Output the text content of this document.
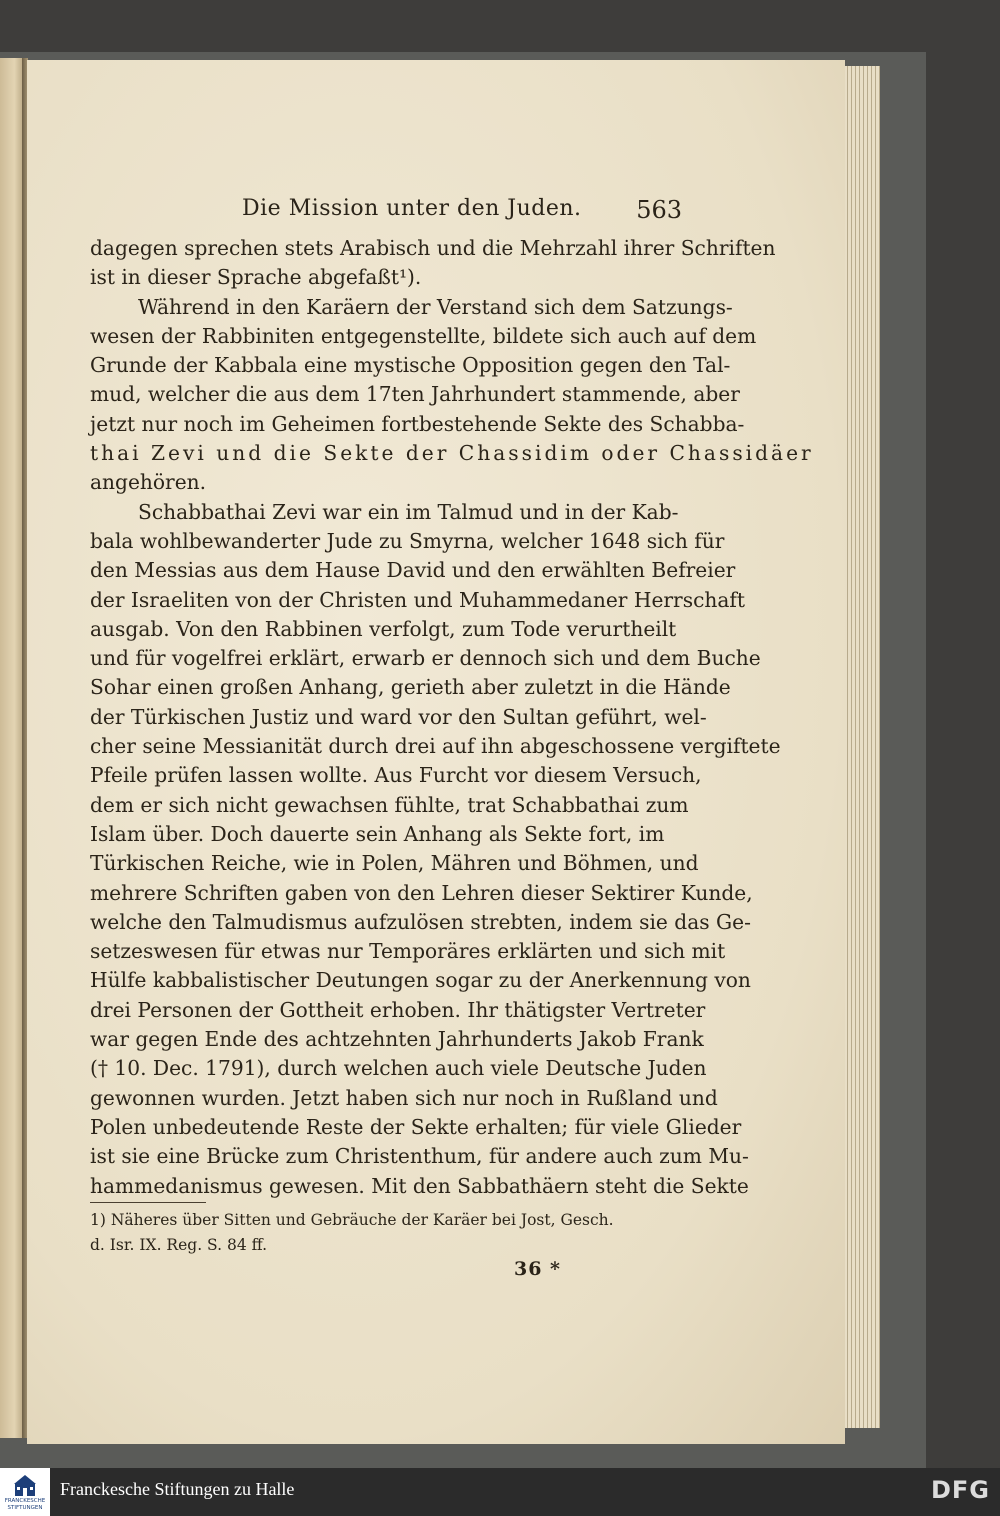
Die Mission unter den Juden. 563
dagegen sprechen stets Arabisch und die Mehrzahl ihrer Schriften
ist in dieser Sprache abgefaßt¹).
Während in den Karäern der Verstand sich dem Satzungs-
wesen der Rabbiniten entgegenstellte, bildete sich auch auf dem
Grunde der Kabbala eine mystische Opposition gegen den Tal-
mud, welcher die aus dem 17ten Jahrhundert stammende, aber
jetzt nur noch im Geheimen fortbestehende Sekte des Schabba-
thai Zevi und die Sekte der Chassidim oder Chassidäer
angehören.
Schabbathai Zevi war ein im Talmud und in der Kab-
bala wohlbewanderter Jude zu Smyrna, welcher 1648 sich für
den Messias aus dem Hause David und den erwählten Befreier
der Israeliten von der Christen und Muhammedaner Herrschaft
ausgab. Von den Rabbinen verfolgt, zum Tode verurtheilt
und für vogelfrei erklärt, erwarb er dennoch sich und dem Buche
Sohar einen großen Anhang, gerieth aber zuletzt in die Hände
der Türkischen Justiz und ward vor den Sultan geführt, wel-
cher seine Messianität durch drei auf ihn abgeschossene vergiftete
Pfeile prüfen lassen wollte. Aus Furcht vor diesem Versuch,
dem er sich nicht gewachsen fühlte, trat Schabbathai zum
Islam über. Doch dauerte sein Anhang als Sekte fort, im
Türkischen Reiche, wie in Polen, Mähren und Böhmen, und
mehrere Schriften gaben von den Lehren dieser Sektirer Kunde,
welche den Talmudismus aufzulösen strebten, indem sie das Ge-
setzeswesen für etwas nur Temporäres erklärten und sich mit
Hülfe kabbalistischer Deutungen sogar zu der Anerkennung von
drei Personen der Gottheit erhoben. Ihr thätigster Vertreter
war gegen Ende des achtzehnten Jahrhunderts Jakob Frank
(† 10. Dec. 1791), durch welchen auch viele Deutsche Juden
gewonnen wurden. Jetzt haben sich nur noch in Rußland und
Polen unbedeutende Reste der Sekte erhalten; für viele Glieder
ist sie eine Brücke zum Christenthum, für andere auch zum Mu-
hammedanismus gewesen. Mit den Sabbathäern steht die Sekte
1) Näheres über Sitten und Gebräuche der Karäer bei Jost, Gesch.
d. Isr. IX. Reg. S. 84 ff.
36 *
FRANCKESCHE
STIFTUNGEN
Franckesche Stiftungen zu Halle	DFG
